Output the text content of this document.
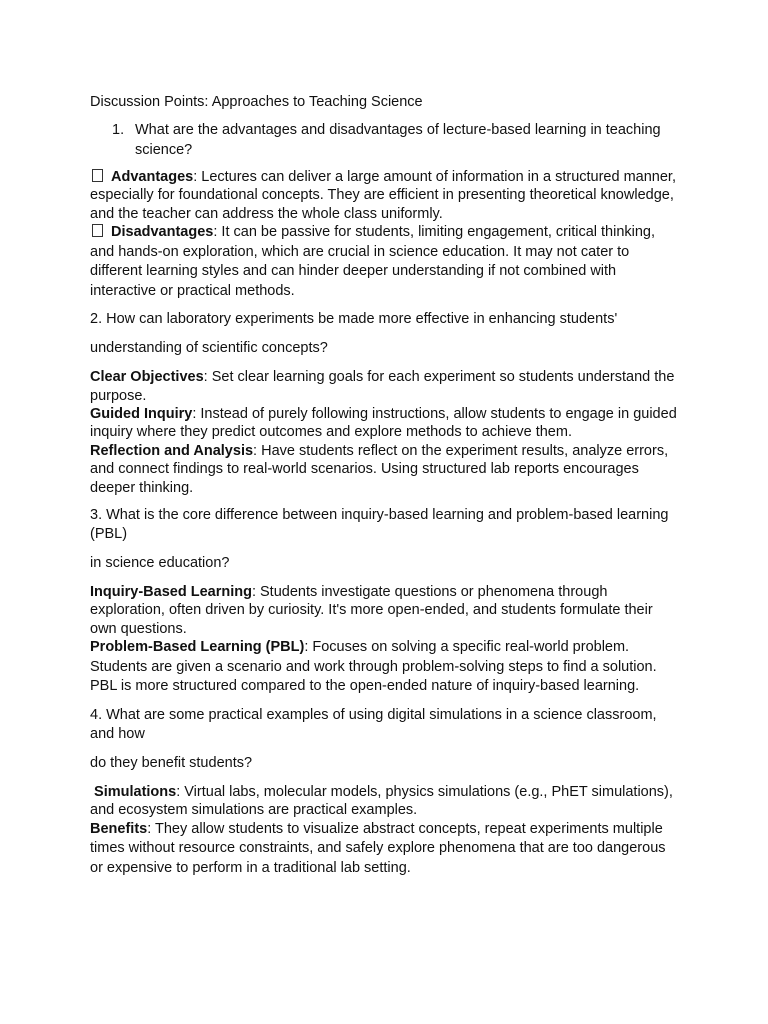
Discussion Points: Approaches to Teaching Science

1. What are the advantages and disadvantages of lecture-based learning in teaching science?

Advantages: Lectures can deliver a large amount of information in a structured manner, especially for foundational concepts. They are efficient in presenting theoretical knowledge, and the teacher can address the whole class uniformly.

Disadvantages: It can be passive for students, limiting engagement, critical thinking, and hands-on exploration, which are crucial in science education. It may not cater to different learning styles and can hinder deeper understanding if not combined with interactive or practical methods.

2. How can laboratory experiments be made more effective in enhancing students'

understanding of scientific concepts?

Clear Objectives: Set clear learning goals for each experiment so students understand the purpose.

Guided Inquiry: Instead of purely following instructions, allow students to engage in guided inquiry where they predict outcomes and explore methods to achieve them.

Reflection and Analysis: Have students reflect on the experiment results, analyze errors, and connect findings to real-world scenarios. Using structured lab reports encourages deeper thinking.

3. What is the core difference between inquiry-based learning and problem-based learning (PBL)

in science education?

Inquiry-Based Learning: Students investigate questions or phenomena through exploration, often driven by curiosity. It's more open-ended, and students formulate their own questions.

Problem-Based Learning (PBL): Focuses on solving a specific real-world problem. Students are given a scenario and work through problem-solving steps to find a solution. PBL is more structured compared to the open-ended nature of inquiry-based learning.

4. What are some practical examples of using digital simulations in a science classroom, and how

do they benefit students?

Simulations: Virtual labs, molecular models, physics simulations (e.g., PhET simulations), and ecosystem simulations are practical examples.

Benefits: They allow students to visualize abstract concepts, repeat experiments multiple times without resource constraints, and safely explore phenomena that are too dangerous or expensive to perform in a traditional lab setting.
